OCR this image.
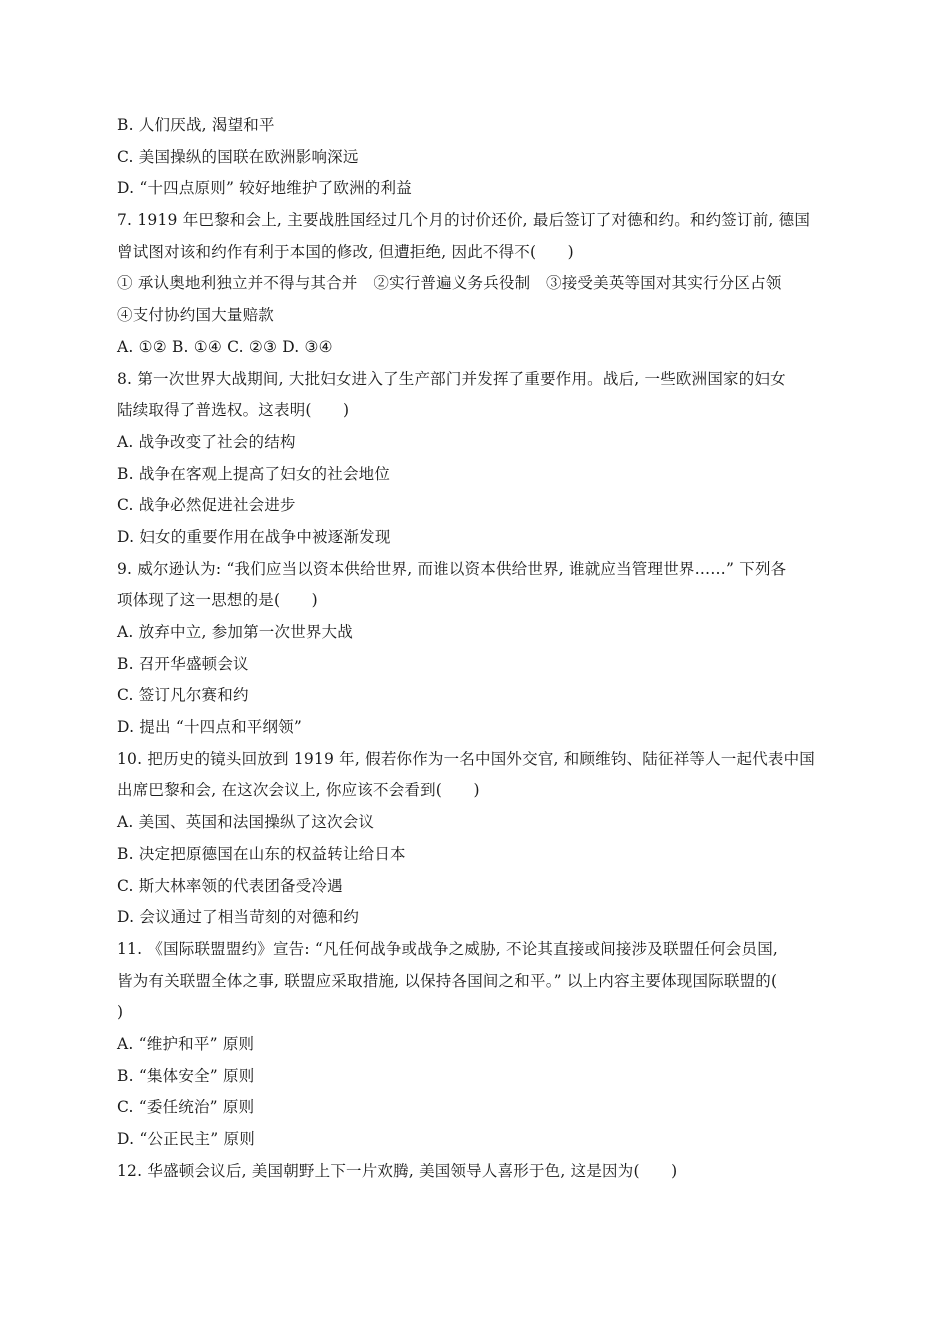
B. 人们厌战, 渴望和平
C. 美国操纵的国联在欧洲影响深远
D. “十四点原则” 较好地维护了欧洲的利益
7. 1919 年巴黎和会上, 主要战胜国经过几个月的讨价还价, 最后签订了对德和约。和约签订前, 德国
曾试图对该和约作有利于本国的修改, 但遭拒绝, 因此不得不(　　)
① 承认奥地利独立并不得与其合并　②实行普遍义务兵役制　③接受美英等国对其实行分区占领
④支付协约国大量赔款
A. ①② B. ①④ C. ②③ D. ③④
8. 第一次世界大战期间, 大批妇女进入了生产部门并发挥了重要作用。战后, 一些欧洲国家的妇女
陆续取得了普选权。这表明(　　)
A. 战争改变了社会的结构
B. 战争在客观上提高了妇女的社会地位
C. 战争必然促进社会进步
D. 妇女的重要作用在战争中被逐渐发现
9. 威尔逊认为: “我们应当以资本供给世界, 而谁以资本供给世界, 谁就应当管理世界……” 下列各
项体现了这一思想的是(　　)
A. 放弃中立, 参加第一次世界大战
B. 召开华盛顿会议
C. 签订凡尔赛和约
D. 提出 “十四点和平纲领”
10. 把历史的镜头回放到 1919 年, 假若你作为一名中国外交官, 和顾维钧、陆征祥等人一起代表中国
出席巴黎和会, 在这次会议上, 你应该不会看到(　　)
A. 美国、英国和法国操纵了这次会议
B. 决定把原德国在山东的权益转让给日本
C. 斯大林率领的代表团备受冷遇
D. 会议通过了相当苛刻的对德和约
11. 《国际联盟盟约》宣告: “凡任何战争或战争之威胁, 不论其直接或间接涉及联盟任何会员国,
皆为有关联盟全体之事, 联盟应采取措施, 以保持各国间之和平。” 以上内容主要体现国际联盟的(
)
A. “维护和平” 原则
B. “集体安全” 原则
C. “委任统治” 原则
D. “公正民主” 原则
12. 华盛顿会议后, 美国朝野上下一片欢腾, 美国领导人喜形于色, 这是因为(　　)
